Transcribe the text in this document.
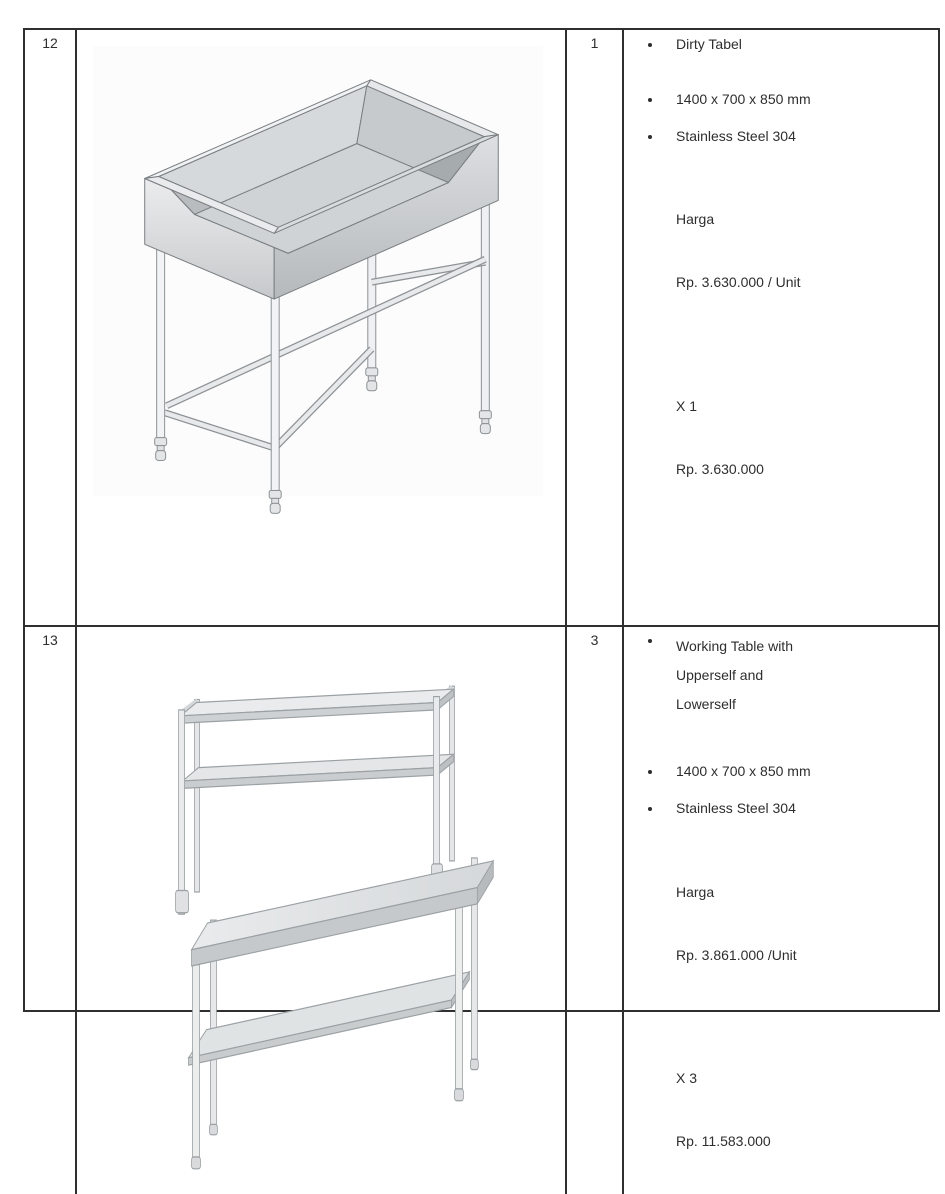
12	1	Dirty Tabel
1400 x 700 x 850 mm
Stainless Steel 304

Harga

Rp. 3.630.000 / Unit

X 1

Rp. 3.630.000

13	3	Working Table with
Upperself and
Lowerself
1400 x 700 x 850 mm
Stainless Steel 304

Harga

Rp. 3.861.000 /Unit

X 3

Rp. 11.583.000
